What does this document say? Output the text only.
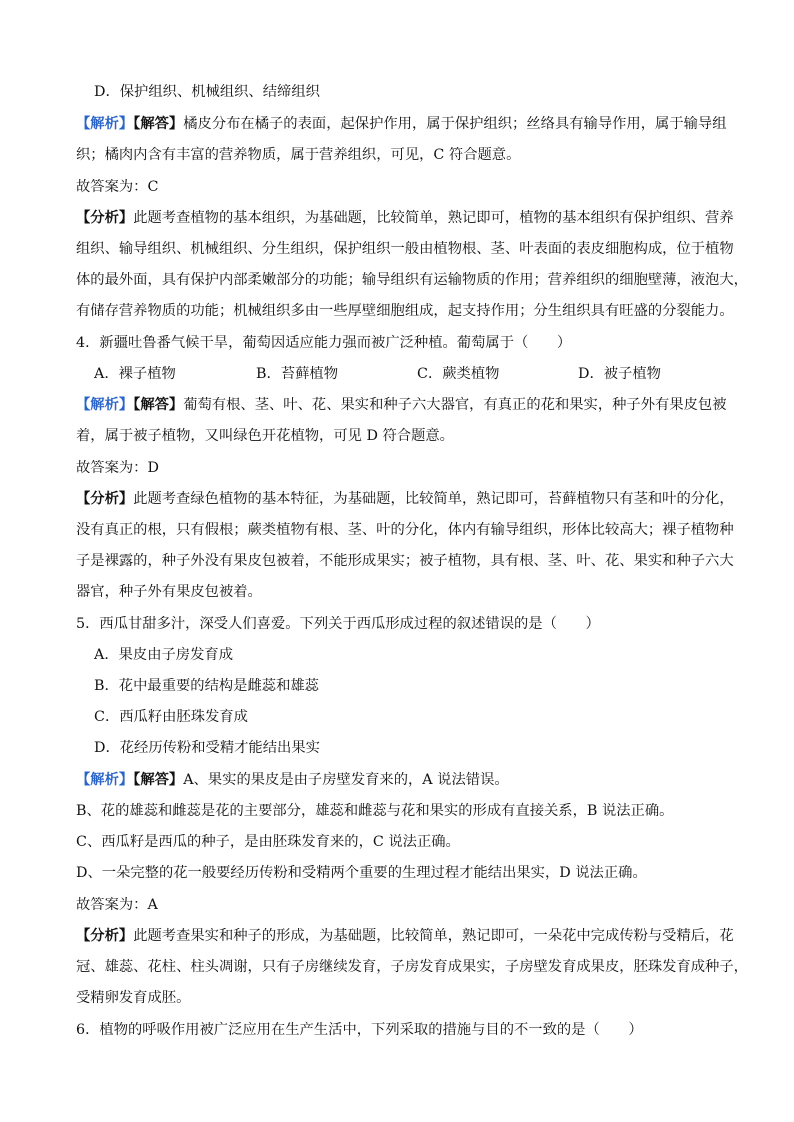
D．保护组织、机械组织、结缔组织
【解析】【解答】橘皮分布在橘子的表面，起保护作用，属于保护组织；丝络具有输导作用，属于输导组
织；橘肉内含有丰富的营养物质，属于营养组织，可见，C 符合题意。
故答案为：C
【分析】此题考查植物的基本组织，为基础题，比较简单，熟记即可，植物的基本组织有保护组织、营养
组织、输导组织、机械组织、分生组织，保护组织一般由植物根、茎、叶表面的表皮细胞构成，位于植物
体的最外面，具有保护内部柔嫩部分的功能；输导组织有运输物质的作用；营养组织的细胞壁薄，液泡大，
有储存营养物质的功能；机械组织多由一些厚壁细胞组成，起支持作用；分生组织具有旺盛的分裂能力。
4．新疆吐鲁番气候干旱，葡萄因适应能力强而被广泛种植。葡萄属于（　　）
A．裸子植物	B．苔藓植物	C．蕨类植物	D．被子植物
【解析】【解答】葡萄有根、茎、叶、花、果实和种子六大器官，有真正的花和果实，种子外有果皮包被
着，属于被子植物，又叫绿色开花植物，可见 D 符合题意。
故答案为：D
【分析】此题考查绿色植物的基本特征，为基础题，比较简单，熟记即可，苔藓植物只有茎和叶的分化，
没有真正的根，只有假根；蕨类植物有根、茎、叶的分化，体内有输导组织，形体比较高大；裸子植物种
子是裸露的，种子外没有果皮包被着，不能形成果实；被子植物，具有根、茎、叶、花、果实和种子六大
器官，种子外有果皮包被着。
5．西瓜甘甜多汁，深受人们喜爱。下列关于西瓜形成过程的叙述错误的是（　　）
A．果皮由子房发育成
B．花中最重要的结构是雌蕊和雄蕊
C．西瓜籽由胚珠发育成
D．花经历传粉和受精才能结出果实
【解析】【解答】A、果实的果皮是由子房壁发育来的，A 说法错误。
B、花的雄蕊和雌蕊是花的主要部分，雄蕊和雌蕊与花和果实的形成有直接关系，B 说法正确。
C、西瓜籽是西瓜的种子，是由胚珠发育来的，C 说法正确。
D、一朵完整的花一般要经历传粉和受精两个重要的生理过程才能结出果实，D 说法正确。
故答案为：A
【分析】此题考查果实和种子的形成，为基础题，比较简单，熟记即可，一朵花中完成传粉与受精后，花
冠、雄蕊、花柱、柱头凋谢，只有子房继续发育，子房发育成果实，子房壁发育成果皮，胚珠发育成种子，
受精卵发育成胚。
6．植物的呼吸作用被广泛应用在生产生活中，下列采取的措施与目的不一致的是（　　）
